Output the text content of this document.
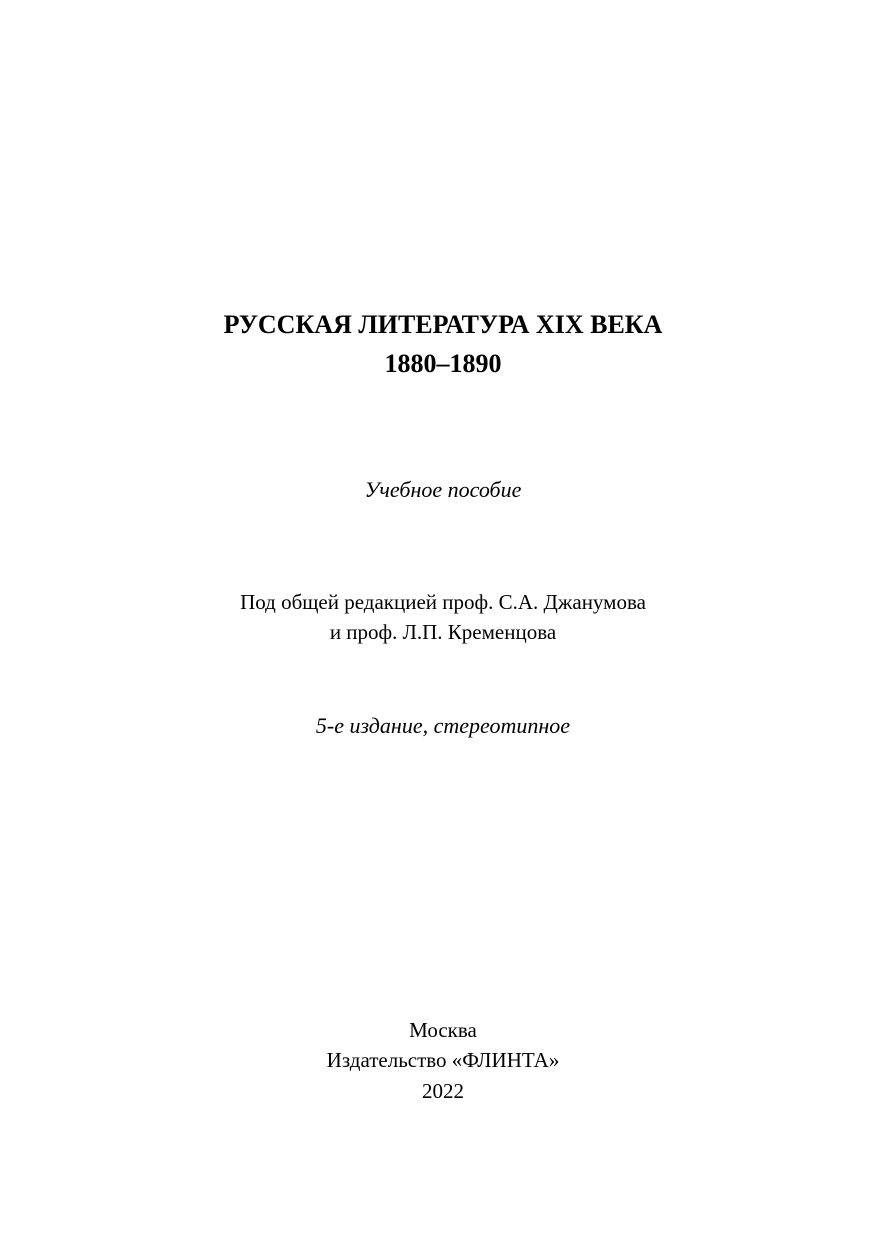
РУССКАЯ ЛИТЕРАТУРА XIX ВЕКА
1880–1890
Учебное пособие
Под общей редакцией проф. С.А. Джанумова
и проф. Л.П. Кременцова
5-е издание, стереотипное
Москва
Издательство «ФЛИНТА»
2022
